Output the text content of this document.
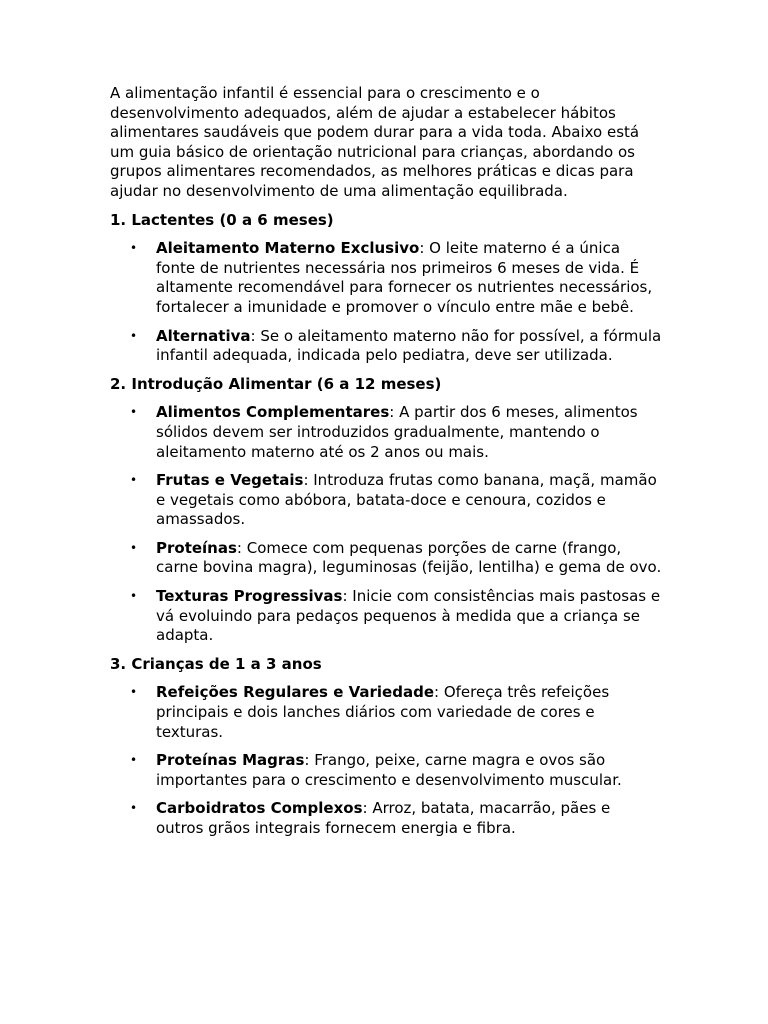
A alimentação infantil é essencial para o crescimento e o desenvolvimento adequados, além de ajudar a estabelecer hábitos alimentares saudáveis que podem durar para a vida toda. Abaixo está um guia básico de orientação nutricional para crianças, abordando os grupos alimentares recomendados, as melhores práticas e dicas para ajudar no desenvolvimento de uma alimentação equilibrada.

1. Lactentes (0 a 6 meses)
• Aleitamento Materno Exclusivo: O leite materno é a única fonte de nutrientes necessária nos primeiros 6 meses de vida. É altamente recomendável para fornecer os nutrientes necessários, fortalecer a imunidade e promover o vínculo entre mãe e bebê.
• Alternativa: Se o aleitamento materno não for possível, a fórmula infantil adequada, indicada pelo pediatra, deve ser utilizada.
2. Introdução Alimentar (6 a 12 meses)
• Alimentos Complementares: A partir dos 6 meses, alimentos sólidos devem ser introduzidos gradualmente, mantendo o aleitamento materno até os 2 anos ou mais.
• Frutas e Vegetais: Introduza frutas como banana, maçã, mamão e vegetais como abóbora, batata-doce e cenoura, cozidos e amassados.
• Proteínas: Comece com pequenas porções de carne (frango, carne bovina magra), leguminosas (feijão, lentilha) e gema de ovo.
• Texturas Progressivas: Inicie com consistências mais pastosas e vá evoluindo para pedaços pequenos à medida que a criança se adapta.
3. Crianças de 1 a 3 anos
• Refeições Regulares e Variedade: Ofereça três refeições principais e dois lanches diários com variedade de cores e texturas.
• Proteínas Magras: Frango, peixe, carne magra e ovos são importantes para o crescimento e desenvolvimento muscular.
• Carboidratos Complexos: Arroz, batata, macarrão, pães e outros grãos integrais fornecem energia e fibra.
